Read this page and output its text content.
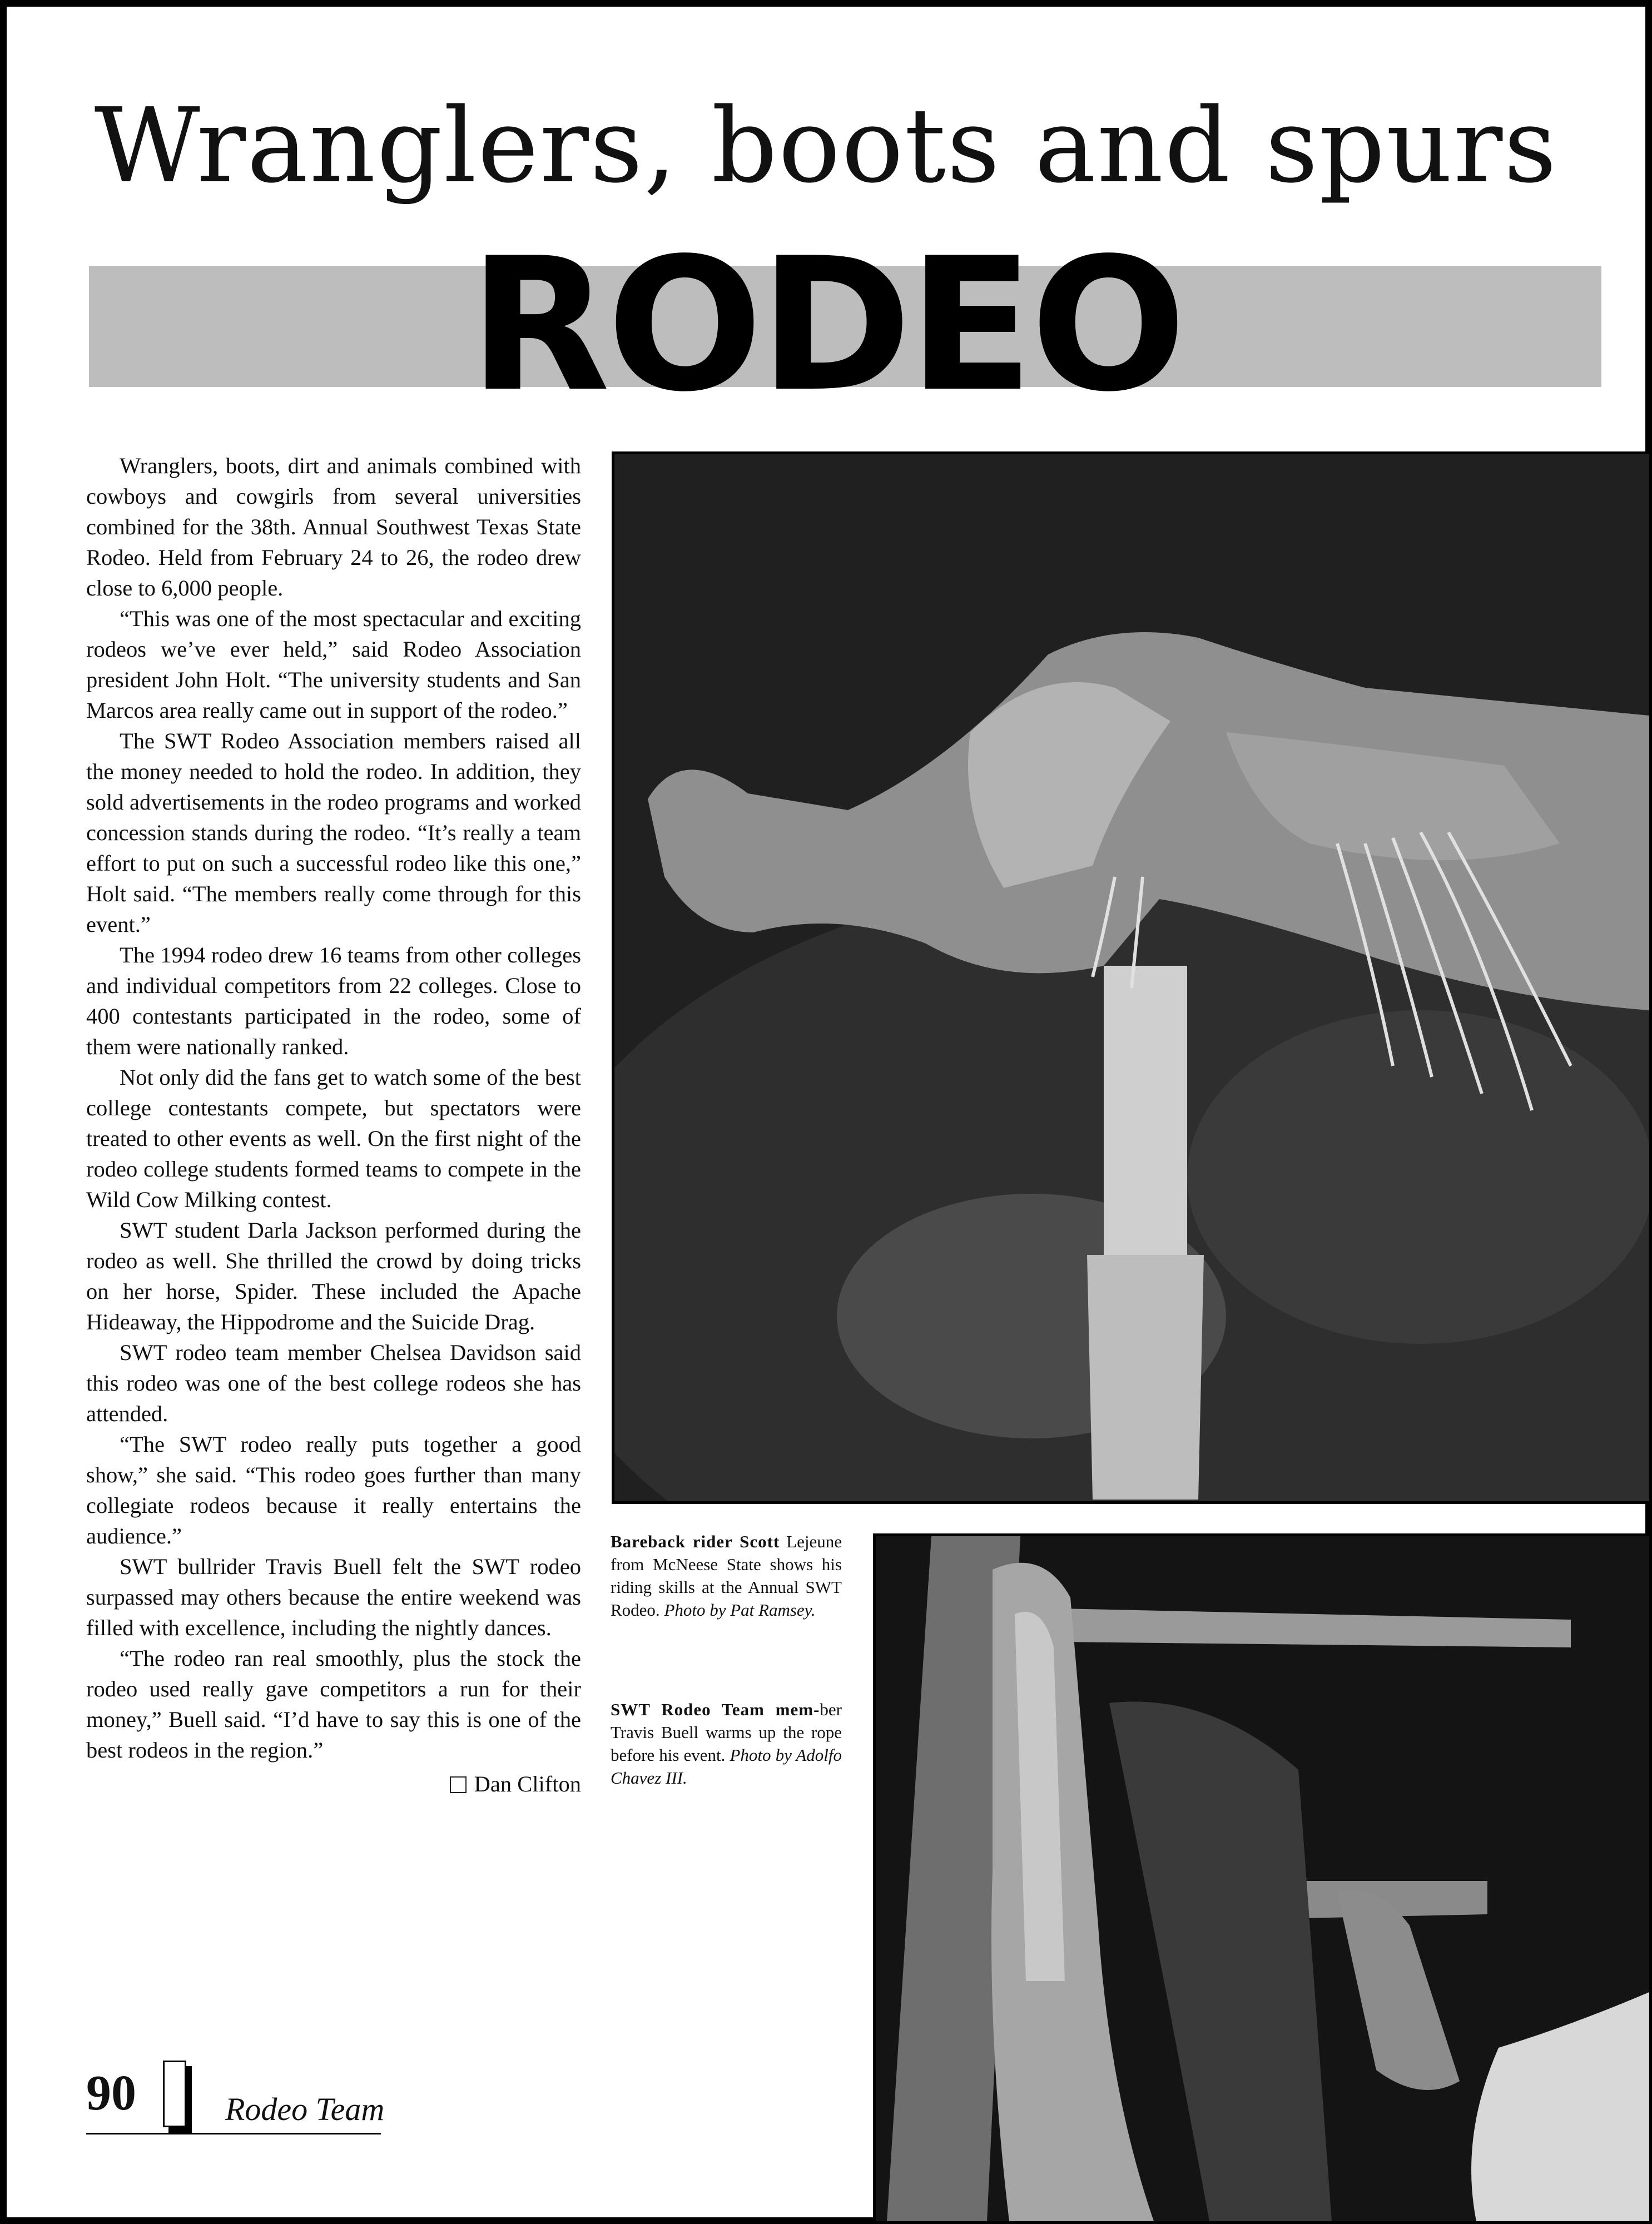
Wranglers, boots and spurs
RODEO

Wranglers, boots, dirt and animals combined with cowboys and cowgirls from several universities combined for the 38th. Annual Southwest Texas State Rodeo. Held from February 24 to 26, the rodeo drew close to 6,000 people.

“This was one of the most spectacular and exciting rodeos we’ve ever held,” said Rodeo Association president John Holt. “The university students and San Marcos area really came out in support of the rodeo.”

The SWT Rodeo Association members raised all the money needed to hold the rodeo. In addition, they sold advertisements in the rodeo programs and worked concession stands during the rodeo. “It’s really a team effort to put on such a successful rodeo like this one,” Holt said. “The members really come through for this event.”

The 1994 rodeo drew 16 teams from other colleges and individual competitors from 22 colleges. Close to 400 contestants participated in the rodeo, some of them were nationally ranked.

Not only did the fans get to watch some of the best college contestants compete, but spectators were treated to other events as well. On the first night of the rodeo college students formed teams to compete in the Wild Cow Milking contest.

SWT student Darla Jackson performed during the rodeo as well. She thrilled the crowd by doing tricks on her horse, Spider. These included the Apache Hideaway, the Hippodrome and the Suicide Drag.

SWT rodeo team member Chelsea Davidson said this rodeo was one of the best college rodeos she has attended.

“The SWT rodeo really puts together a good show,” she said. “This rodeo goes further than many collegiate rodeos because it really entertains the audience.”

SWT bullrider Travis Buell felt the SWT rodeo surpassed may others because the entire weekend was filled with excellence, including the nightly dances.

“The rodeo ran real smoothly, plus the stock the rodeo used really gave competitors a run for their money,” Buell said. “I’d have to say this is one of the best rodeos in the region.”

Dan Clifton

Bareback rider Scott Lejeune from McNeese State shows his riding skills at the Annual SWT Rodeo. Photo by Pat Ramsey.
SWT Rodeo Team mem-ber Travis Buell warms up the rope before his event. Photo by Adolfo Chavez III.
90	Rodeo Team
